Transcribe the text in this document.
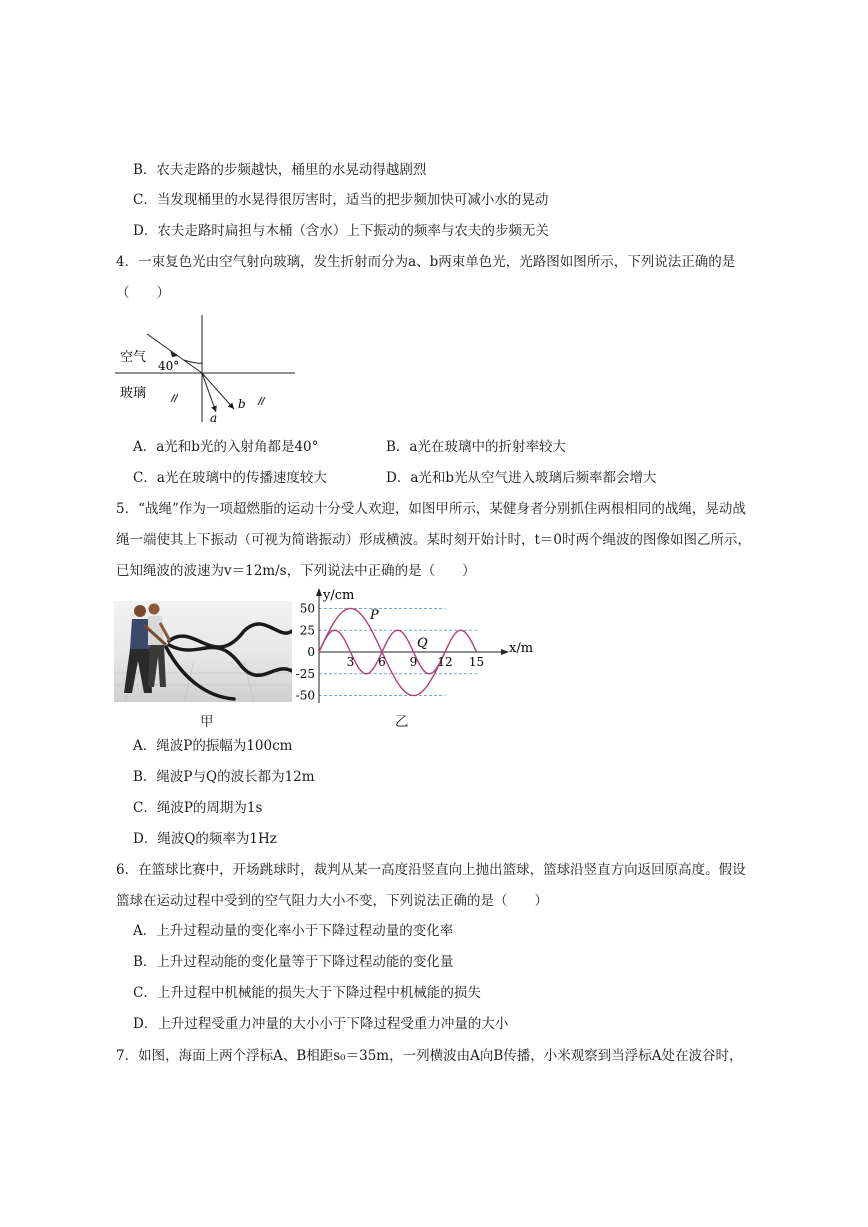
B．农夫走路的步频越快，桶里的水晃动得越剧烈
C．当发现桶里的水晃得很厉害时，适当的把步频加快可减小水的晃动
D．农夫走路时扁担与木桶（含水）上下振动的频率与农夫的步频无关
4．一束复色光由空气射向玻璃，发生折射而分为a、b两束单色光，光路图如图所示，下列说法正确的是
（　　）
空气
玻璃
40°
a
b
A．a光和b光的入射角都是40°	B．a光在玻璃中的折射率较大
C．a光在玻璃中的传播速度较大	D．a光和b光从空气进入玻璃后频率都会增大
5．“战绳”作为一项超燃脂的运动十分受人欢迎，如图甲所示，某健身者分别抓住两根相同的战绳，晃动战
绳一端使其上下振动（可视为简谐振动）形成横波。某时刻开始计时，t＝0时两个绳波的图像如图乙所示，
已知绳波的波速为v＝12m/s，下列说法中正确的是（　　）
3 6 9 12 15
50
25
0
-25
-50
y/cm
x/m
P
Q
甲	乙
A．绳波P的振幅为100cm
B．绳波P与Q的波长都为12m
C．绳波P的周期为1s
D．绳波Q的频率为1Hz
6．在篮球比赛中，开场跳球时，裁判从某一高度沿竖直向上抛出篮球，篮球沿竖直方向返回原高度。假设
篮球在运动过程中受到的空气阻力大小不变，下列说法正确的是（　　）
A．上升过程动量的变化率小于下降过程动量的变化率
B．上升过程动能的变化量等于下降过程动能的变化量
C．上升过程中机械能的损失大于下降过程中机械能的损失
D．上升过程受重力冲量的大小小于下降过程受重力冲量的大小
7．如图，海面上两个浮标A、B相距s₀＝35m，一列横波由A向B传播，小米观察到当浮标A处在波谷时，
